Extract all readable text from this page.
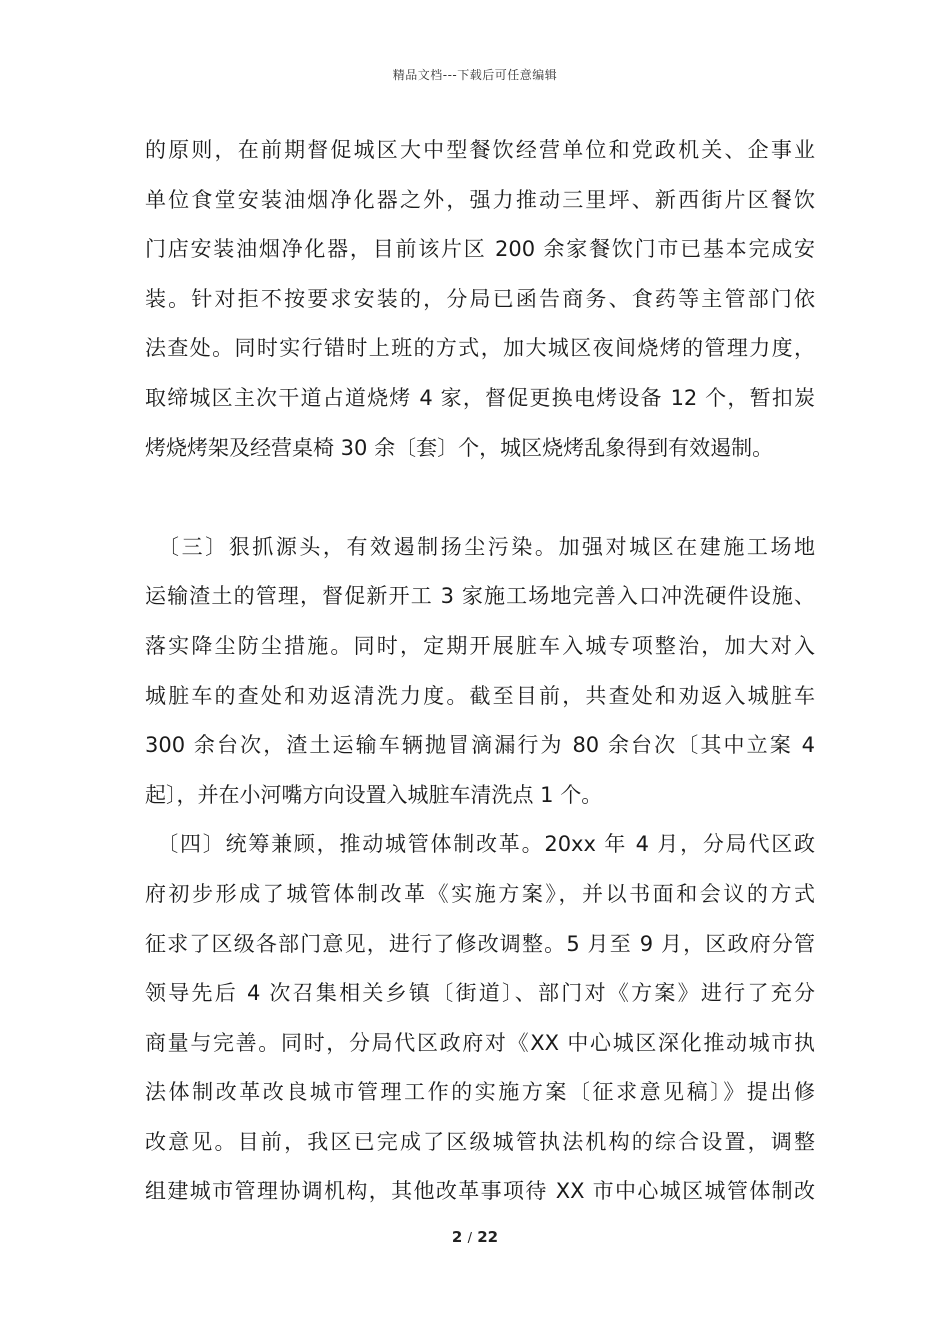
精品文档---下载后可任意编辑
的原则，在前期督促城区大中型餐饮经营单位和党政机关、企事业
单位食堂安装油烟净化器之外，强力推动三里坪、新西街片区餐饮
门店安装油烟净化器，目前该片区 200 余家餐饮门市已基本完成安
装。针对拒不按要求安装的，分局已函告商务、食药等主管部门依
法查处。同时实行错时上班的方式，加大城区夜间烧烤的管理力度，
取缔城区主次干道占道烧烤 4 家，督促更换电烤设备 12 个，暂扣炭
烤烧烤架及经营桌椅 30 余〔套〕个，城区烧烤乱象得到有效遏制。
　〔三〕狠抓源头，有效遏制扬尘污染。加强对城区在建施工场地
运输渣土的管理，督促新开工 3 家施工场地完善入口冲洗硬件设施、
落实降尘防尘措施。同时，定期开展脏车入城专项整治，加大对入
城脏车的查处和劝返清洗力度。截至目前，共查处和劝返入城脏车
300 余台次，渣土运输车辆抛冒滴漏行为 80 余台次〔其中立案 4
起〕，并在小河嘴方向设置入城脏车清洗点 1 个。
　〔四〕统筹兼顾，推动城管体制改革。20xx 年 4 月，分局代区政
府初步形成了城管体制改革《实施方案》，并以书面和会议的方式
征求了区级各部门意见，进行了修改调整。5 月至 9 月，区政府分管
领导先后 4 次召集相关乡镇〔街道〕、部门对《方案》进行了充分
商量与完善。同时，分局代区政府对《XX 中心城区深化推动城市执
法体制改革改良城市管理工作的实施方案〔征求意见稿〕》提出修
改意见。目前，我区已完成了区级城管执法机构的综合设置，调整
组建城市管理协调机构，其他改革事项待 XX 市中心城区城管体制改
2 / 22
